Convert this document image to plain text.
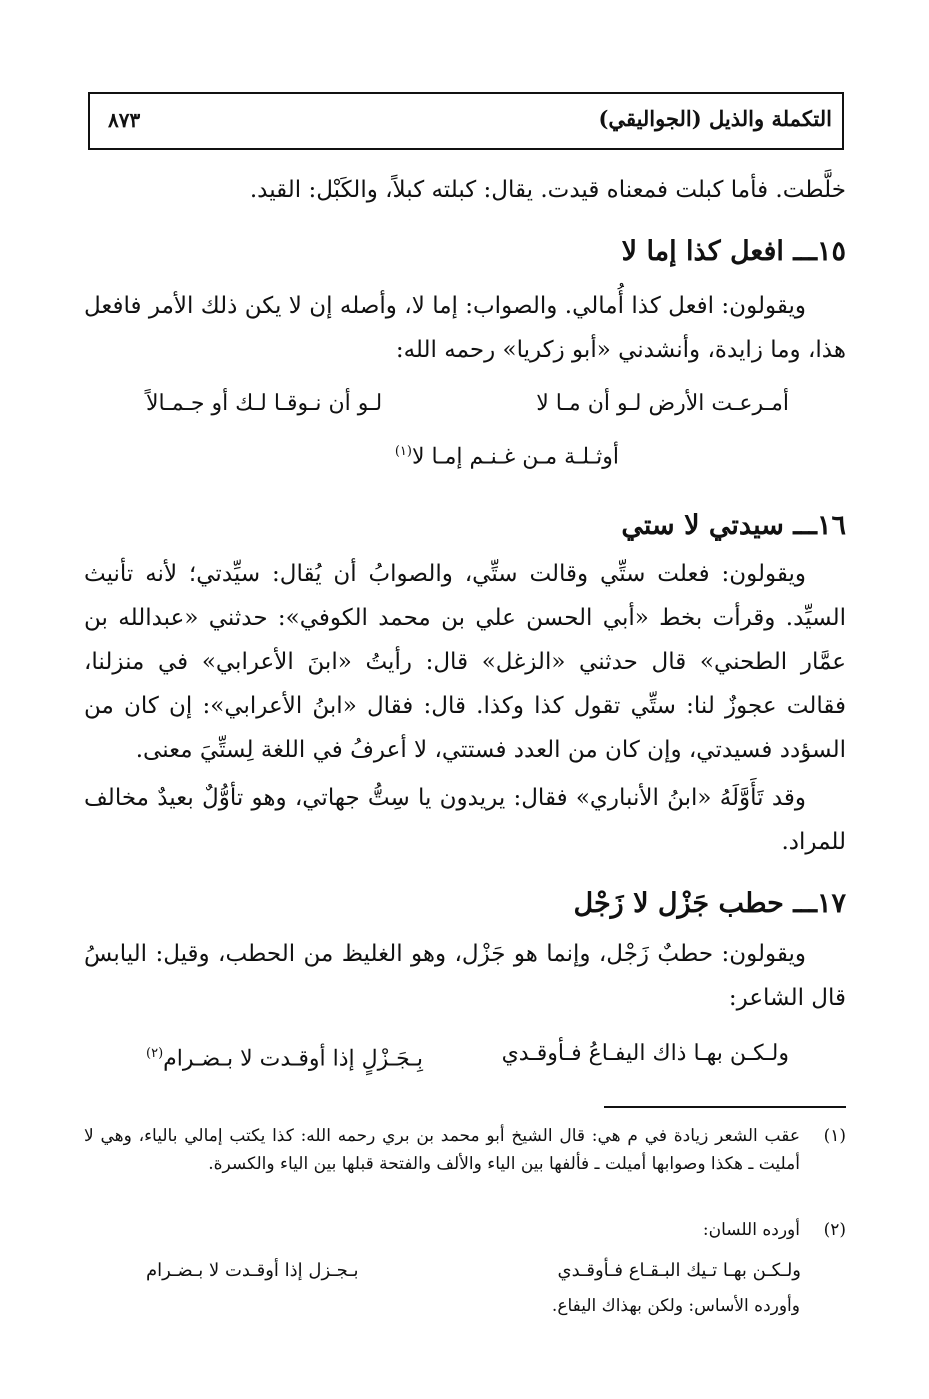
التكملة والذيل (الجواليقي)
٨٧٣
خلَّطت. فأما كبلت فمعناه قيدت. يقال: كبلته كبلاً، والكَبْل: القيد.
١٥ـــ افعل كذا إما لا
ويقولون: افعل كذا أُمالي. والصواب: إما لا، وأصله إن لا يكن ذلك الأمر فافعل هذا، وما زايدة، وأنشدني «أبو زكريا» رحمه الله:
أمـرعـت الأرض لـو أن مـا لا
لـو أن نـوقـا لـك أو جـمـالاً
أوثـلـة مـن غـنـم إمـا لا$^{(١)}$
١٦ـــ سيدتي لا ستي
ويقولون: فعلت ستِّي وقالت ستِّي، والصوابُ أن يُقال: سيِّدتي؛ لأنه تأنيث السيِّد. وقرأت بخط «أبي الحسن علي بن محمد الكوفي»: حدثني «عبدالله بن عمَّار الطحني» قال حدثني «الزغل» قال: رأيتُ «ابنَ الأعرابي» في منزلنا، فقالت عجوزٌ لنا: ستِّي تقول كذا وكذا. قال: فقال «ابنُ الأعرابي»: إن كان من السؤدد فسيدتي، وإن كان من العدد فستتي، لا أعرفُ في اللغة لِستِّيَ معنى.
وقد تَأَوَّلَهُ «ابنُ الأنباري» فقال: يريدون يا سِتُّ جهاتي، وهو تأوُّلٌ بعيدٌ مخالف للمراد.
١٧ـــ حطب جَزْل لا زَجْل
ويقولون: حطبٌ زَجْل، وإنما هو جَزْل، وهو الغليظ من الحطب، وقيل: اليابسُ قال الشاعر:
ولـكـن بهـا ذاك اليفـاعُ فـأوقـدي
بِـجَـزْلٍ إذا أوقـدت لا بـضـرام$^{(٢)}$
(١)
عقب الشعر زيادة في م هي: قال الشيخ أبو محمد بن بري رحمه الله: كذا يكتب إمالي بالياء، وهي لا أمليت ـ هكذا وصوابها أميلت ـ فألفها بين الياء والألف والفتحة قبلها بين الياء والكسرة.
(٢)
أورده اللسان:
ولـكـن بهـا تـيك البـقـاع فـأوقـدي
بـجـزل إذا أوقـدت لا بـضـرام
وأورده الأساس: ولكن بهذاك اليفاع.
